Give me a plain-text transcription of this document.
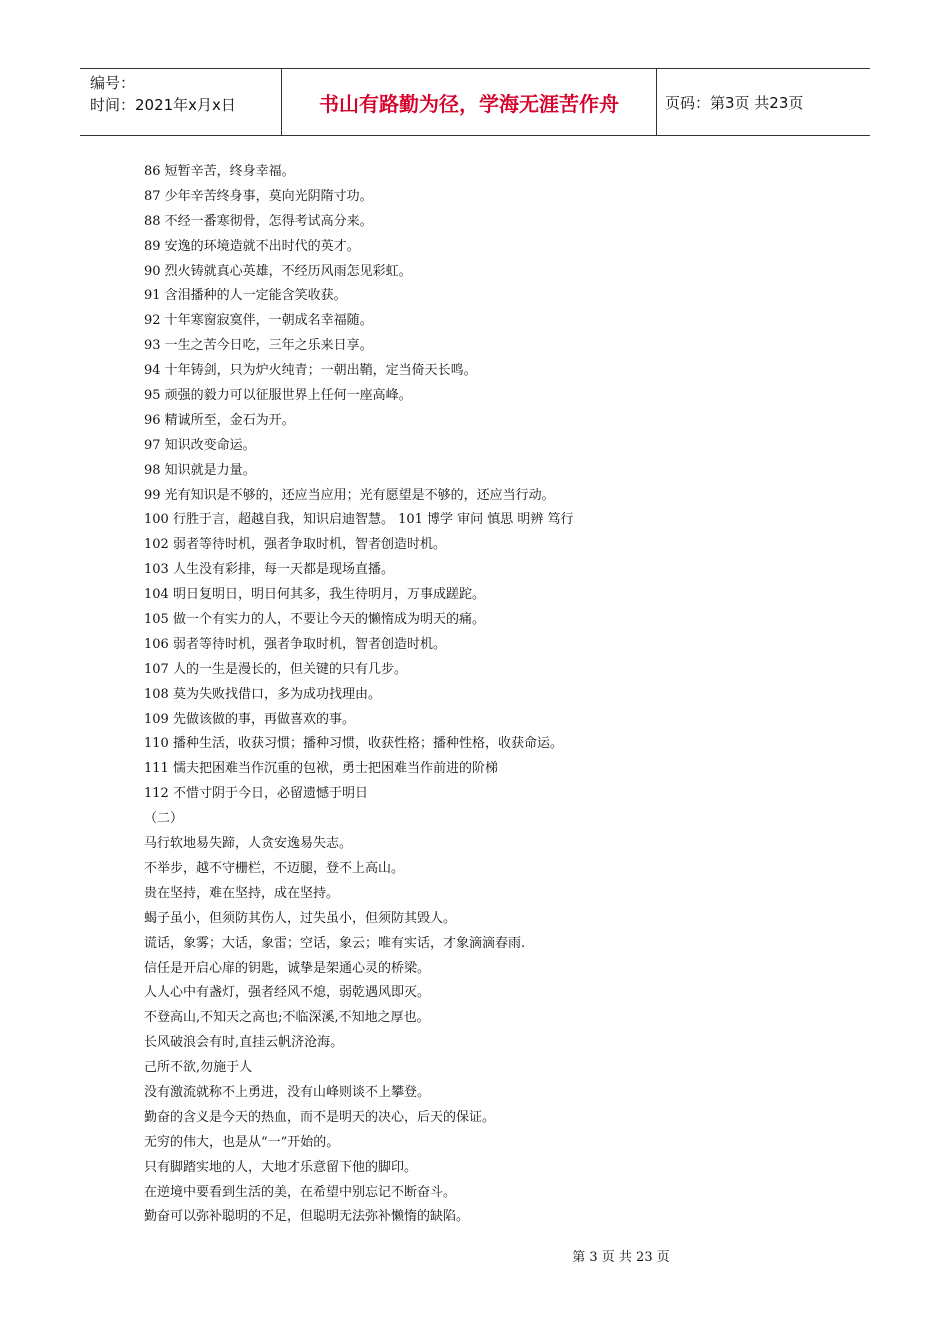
编号：
时间：2021年x月x日	书山有路勤为径，学海无涯苦作舟	页码：第3页 共23页
86 短暂辛苦，终身幸福。
87 少年辛苦终身事，莫向光阴隋寸功。
88 不经一番寒彻骨，怎得考试高分来。
89 安逸的环境造就不出时代的英才。
90 烈火铸就真心英雄，不经历风雨怎见彩虹。
91 含泪播种的人一定能含笑收获。
92 十年寒窗寂寞伴，一朝成名幸福随。
93 一生之苦今日吃，三年之乐来日享。
94 十年铸剑，只为炉火纯青；一朝出鞘，定当倚天长鸣。
95 顽强的毅力可以征服世界上任何一座高峰。
96 精诚所至，金石为开。
97 知识改变命运。
98 知识就是力量。
99 光有知识是不够的，还应当应用；光有愿望是不够的，还应当行动。
100 行胜于言，超越自我，知识启迪智慧。 101 博学 审问 慎思 明辨 笃行
102 弱者等待时机，强者争取时机，智者创造时机。
103 人生没有彩排，每一天都是现场直播。
104 明日复明日，明日何其多，我生待明月，万事成蹉跎。
105 做一个有实力的人，不要让今天的懒惰成为明天的痛。
106 弱者等待时机，强者争取时机，智者创造时机。
107 人的一生是漫长的，但关键的只有几步。
108 莫为失败找借口，多为成功找理由。
109 先做该做的事，再做喜欢的事。
110 播种生活，收获习惯；播种习惯，收获性格；播种性格，收获命运。
111 懦夫把困难当作沉重的包袱，勇士把困难当作前进的阶梯
112 不惜寸阴于今日，必留遗憾于明日
（二）
马行软地易失蹄，人贪安逸易失志。
不举步，越不守栅栏，不迈腿，登不上高山。
贵在坚持，难在坚持，成在坚持。
蝎子虽小，但须防其伤人，过失虽小，但须防其毁人。
谎话，象雾；大话，象雷；空话，象云；唯有实话，才象滴滴春雨.
信任是开启心扉的钥匙，诚挚是架通心灵的桥梁。
人人心中有盏灯，强者经风不熄，弱乾遇风即灭。
不登高山,不知天之高也;不临深溪,不知地之厚也。
长风破浪会有时,直挂云帆济沧海。
己所不欲,勿施于人
没有激流就称不上勇进，没有山峰则谈不上攀登。
勤奋的含义是今天的热血，而不是明天的决心，后天的保证。
无穷的伟大，也是从“一”开始的。
只有脚踏实地的人，大地才乐意留下他的脚印。
在逆境中要看到生活的美，在希望中别忘记不断奋斗。
勤奋可以弥补聪明的不足，但聪明无法弥补懒惰的缺陷。
第 3 页 共 23 页
